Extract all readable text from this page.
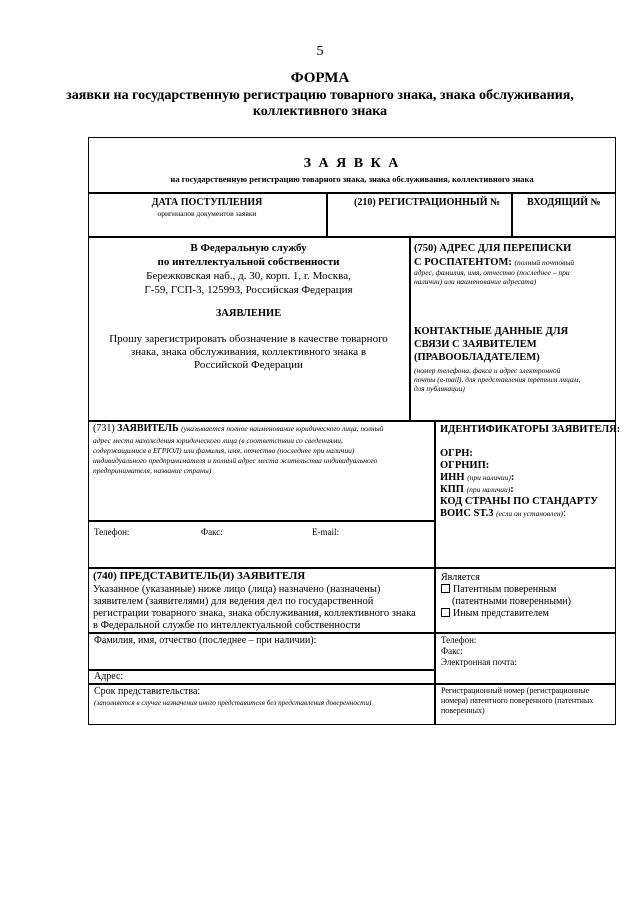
5
ФОРМА
заявки на государственную регистрацию товарного знака, знака обслуживания, коллективного знака
З А Я В К А
на государственную регистрацию товарного знака, знака обслуживания, коллективного знака
ДАТА ПОСТУПЛЕНИЯ
оригиналов документов заявки
(210) РЕГИСТРАЦИОННЫЙ №	ВХОДЯЩИЙ №
В Федеральную службу
по интеллектуальной собственности
Бережковская наб., д. 30, корп. 1, г. Москва,
Г-59, ГСП-3, 125993, Российская Федерация
ЗАЯВЛЕНИЕ
Прошу зарегистрировать обозначение в качестве товарного
знака, знака обслуживания, коллективного знака в
Российской Федерации
(750) АДРЕС ДЛЯ ПЕРЕПИСКИ
С РОСПАТЕНТОМ: (полный почтовый
адрес, фамилия, имя, отчество (последнее – при
наличии) или наименование адресата)
КОНТАКТНЫЕ ДАННЫЕ ДЛЯ
СВЯЗИ С ЗАЯВИТЕЛЕМ
(ПРАВООБЛАДАТЕЛЕМ)
(номер телефона, факса и адрес электронной
почты (e-mail), для представления третьим лицам,
для публикации)
(731) ЗАЯВИТЕЛЬ (указывается полное наименование юридического лица, полный
адрес места нахождения юридического лица (в соответствии со сведениями,
содержащимися в ЕГРЮЛ) или фамилия, имя, отчество (последнее при наличии)
индивидуального предпринимателя и полный адрес места жительства индивидуального
предпринимателя, название страны)
Телефон:	Факс:	E-mail:
ИДЕНТИФИКАТОРЫ ЗАЯВИТЕЛЯ:
ОГРН:
ОГРНИП:
ИНН (при наличии):
КПП (при наличии):
КОД СТРАНЫ ПО СТАНДАРТУ
ВОИС ST.3 (если он установлен):
(740) ПРЕДСТАВИТЕЛЬ(И) ЗАЯВИТЕЛЯ
Указанное (указанные) ниже лицо (лица) назначено (назначены)
заявителем (заявителями) для ведения дел по государственной
регистрации товарного знака, знака обслуживания, коллективного знака
в Федеральной службе по интеллектуальной собственности
Является
Патентным поверенным
(патентными поверенными)
Иным представителем
Фамилия, имя, отчество (последнее – при наличии):	Телефон:
Факс:
Электронная почта:
Адрес:
Срок представительства:
(заполняется в случае назначения иного представителя без представления доверенности)
Регистрационный номер (регистрационные
номера) патентного поверенного (патентных
поверенных)
